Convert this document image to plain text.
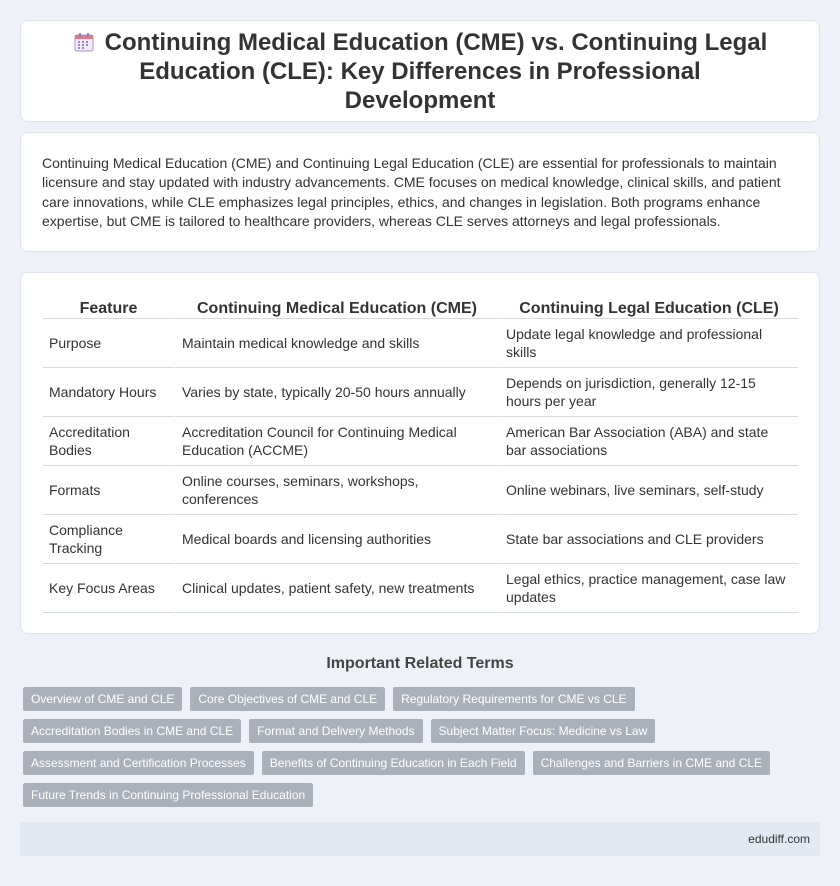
Continuing Medical Education (CME) vs. Continuing Legal Education (CLE): Key Differences in Professional Development

Continuing Medical Education (CME) and Continuing Legal Education (CLE) are essential for professionals to maintain licensure and stay updated with industry advancements. CME focuses on medical knowledge, clinical skills, and patient care innovations, while CLE emphasizes legal principles, ethics, and changes in legislation. Both programs enhance expertise, but CME is tailored to healthcare providers, whereas CLE serves attorneys and legal professionals.

Feature	Continuing Medical Education (CME)	Continuing Legal Education (CLE)
Purpose	Maintain medical knowledge and skills	Update legal knowledge and professional skills
Mandatory Hours	Varies by state, typically 20-50 hours annually	Depends on jurisdiction, generally 12-15 hours per year
Accreditation Bodies	Accreditation Council for Continuing Medical Education (ACCME)	American Bar Association (ABA) and state bar associations
Formats	Online courses, seminars, workshops, conferences	Online webinars, live seminars, self-study
Compliance Tracking	Medical boards and licensing authorities	State bar associations and CLE providers
Key Focus Areas	Clinical updates, patient safety, new treatments	Legal ethics, practice management, case law updates
Important Related Terms
Overview of CME and CLE	Core Objectives of CME and CLE	Regulatory Requirements for CME vs CLE
Accreditation Bodies in CME and CLE	Format and Delivery Methods	Subject Matter Focus: Medicine vs Law
Assessment and Certification Processes	Benefits of Continuing Education in Each Field	Challenges and Barriers in CME and CLE
Future Trends in Continuing Professional Education
edudiff.com
